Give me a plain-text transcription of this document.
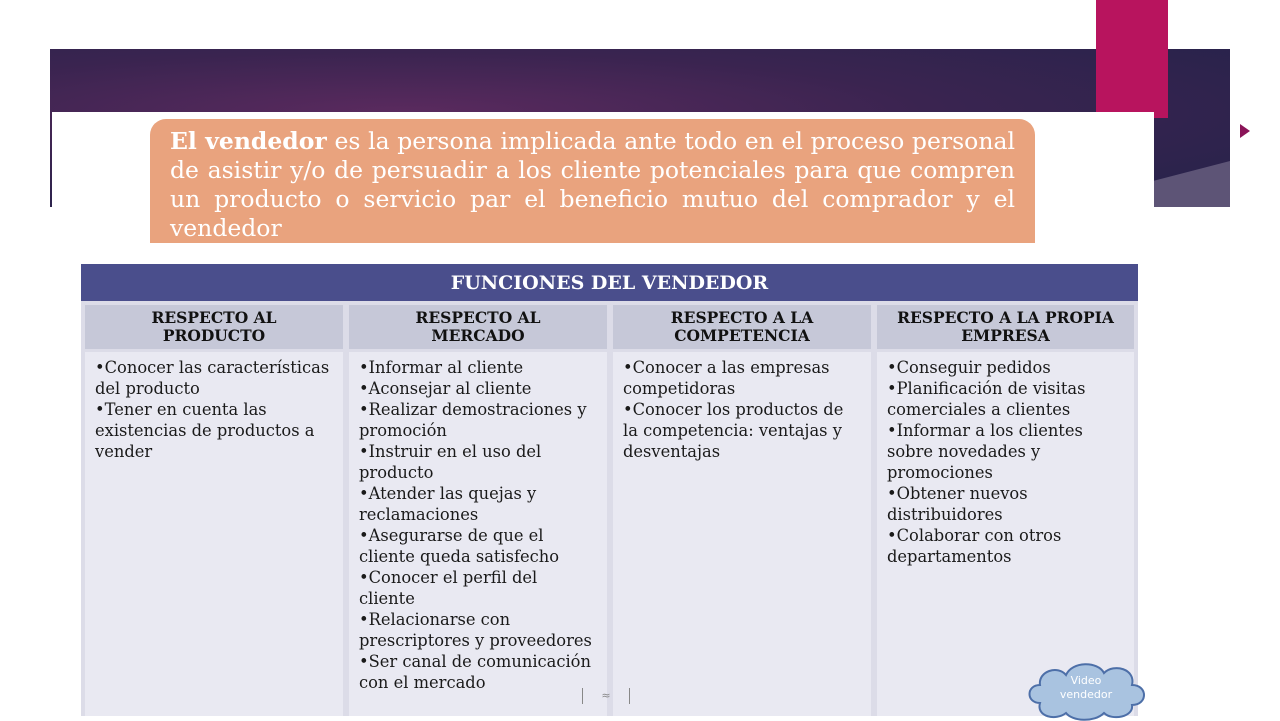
El vendedor es la persona implicada ante todo en el proceso personal de asistir y/o de persuadir a los cliente potenciales para que compren un producto o servicio par el beneficio mutuo del comprador y el vendedor
FUNCIONES DEL VENDEDOR
RESPECTO AL
PRODUCTO
RESPECTO AL
MERCADO
RESPECTO A LA
COMPETENCIA
RESPECTO A LA PROPIA
EMPRESA
•Conocer las características del producto
•Tener en cuenta las existencias de productos a vender
•Informar al cliente
•Aconsejar al cliente
•Realizar demostraciones y promoción
•Instruir en el uso del producto
•Atender las quejas y reclamaciones
•Asegurarse de que el cliente queda satisfecho
•Conocer el perfil del cliente
•Relacionarse con prescriptores y proveedores
•Ser canal de comunicación con el mercado
•Conocer a las empresas competidoras
•Conocer los productos de la competencia: ventajas y desventajas
•Conseguir pedidos
•Planificación de visitas comerciales a clientes
•Informar a los clientes sobre novedades y promociones
•Obtener nuevos distribuidores
•Colaborar con otros departamentos
≈
Video
vendedor
